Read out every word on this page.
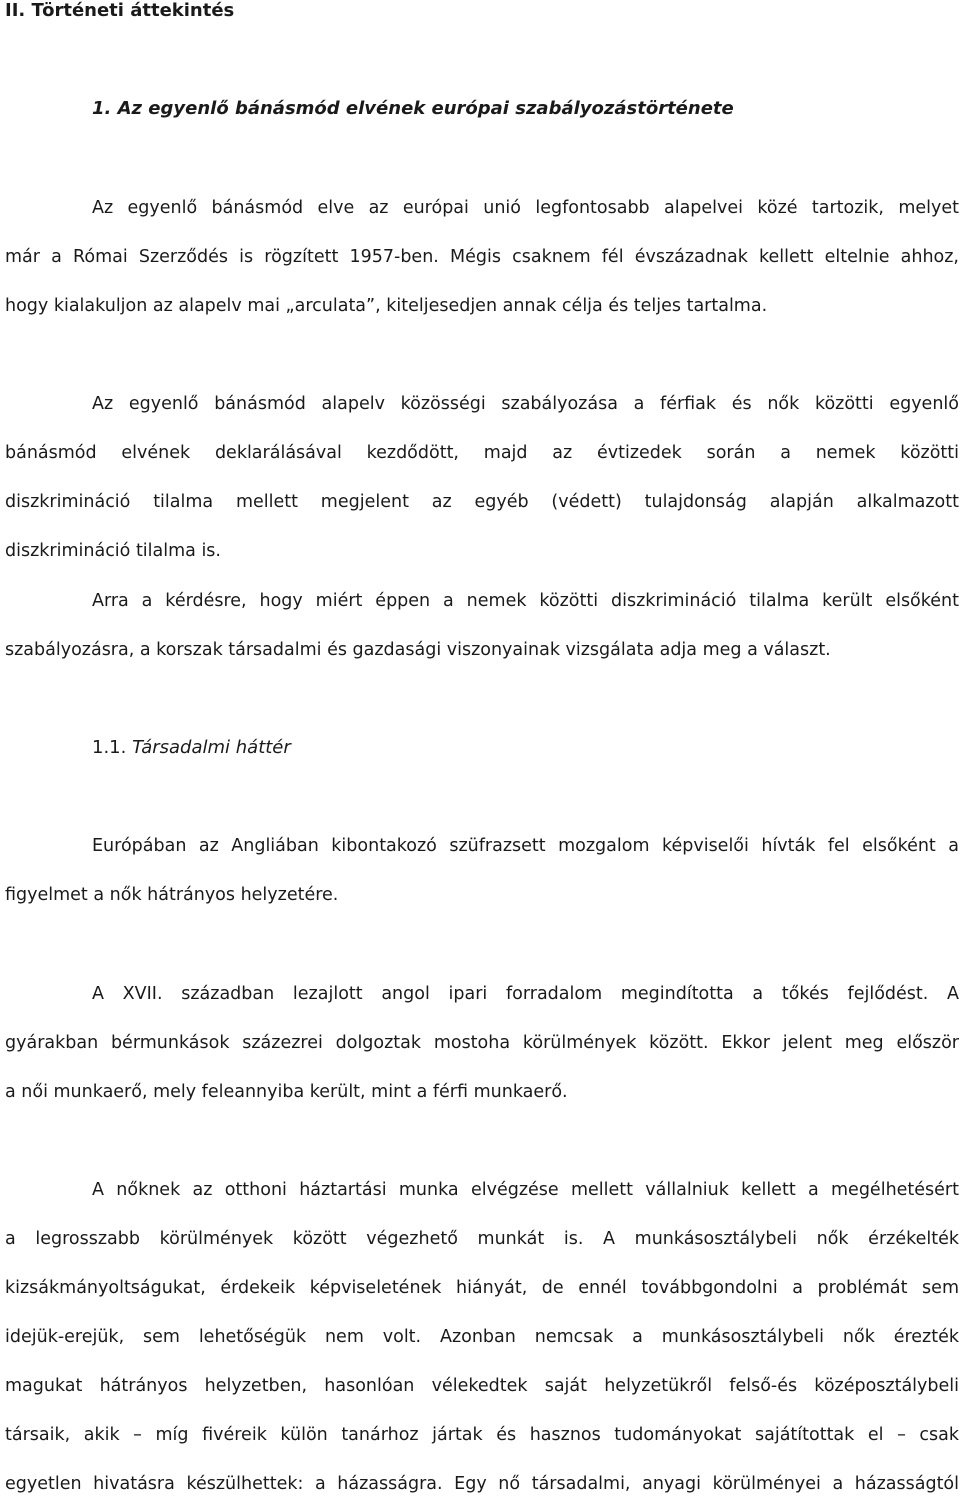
II. Történeti áttekintés
1. Az egyenlő bánásmód elvének európai szabályozástörténete
Az egyenlő bánásmód elve az európai unió legfontosabb alapelvei közé tartozik, melyet
már a Római Szerződés is rögzített 1957-ben. Mégis csaknem fél évszázadnak kellett eltelnie ahhoz,
hogy kialakuljon az alapelv mai „arculata”, kiteljesedjen annak célja és teljes tartalma.
Az egyenlő bánásmód alapelv közösségi szabályozása a férfiak és nők közötti egyenlő
bánásmód elvének deklarálásával kezdődött, majd az évtizedek során a nemek közötti
diszkrimináció tilalma mellett megjelent az egyéb (védett) tulajdonság alapján alkalmazott
diszkrimináció tilalma is.
Arra a kérdésre, hogy miért éppen a nemek közötti diszkrimináció tilalma került elsőként
szabályozásra, a korszak társadalmi és gazdasági viszonyainak vizsgálata adja meg a választ.
1.1. Társadalmi háttér
Európában az Angliában kibontakozó szüfrazsett mozgalom képviselői hívták fel elsőként a
figyelmet a nők hátrányos helyzetére.
A XVII. században lezajlott angol ipari forradalom megindította a tőkés fejlődést. A
gyárakban bérmunkások százezrei dolgoztak mostoha körülmények között. Ekkor jelent meg először
a női munkaerő, mely feleannyiba került, mint a férfi munkaerő.
A nőknek az otthoni háztartási munka elvégzése mellett vállalniuk kellett a megélhetésért
a legrosszabb körülmények között végezhető munkát is. A munkásosztálybeli nők érzékelték
kizsákmányoltságukat, érdekeik képviseletének hiányát, de ennél továbbgondolni a problémát sem
idejük-erejük, sem lehetőségük nem volt. Azonban nemcsak a munkásosztálybeli nők érezték
magukat hátrányos helyzetben, hasonlóan vélekedtek saját helyzetükről felső-és középosztálybeli
társaik, akik – míg fivéreik külön tanárhoz jártak és hasznos tudományokat sajátítottak el – csak
egyetlen hivatásra készülhettek: a házasságra. Egy nő társadalmi, anyagi körülményei a házasságtól
